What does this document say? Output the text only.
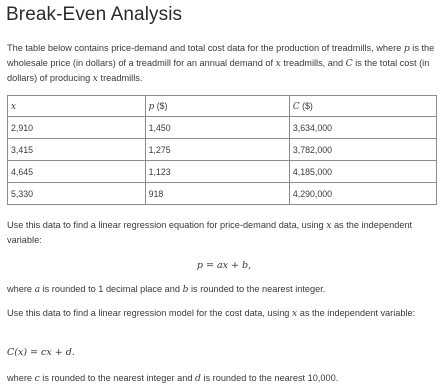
Break-Even Analysis
The table below contains price-demand and total cost data for the production of treadmills, where p is the wholesale price (in dollars) of a treadmill for an annual demand of x treadmills, and C is the total cost (in dollars) of producing x treadmills.
x	p ($)	C ($)
2,910	1,450	3,634,000
3,415	1,275	3,782,000
4,645	1,123	4,185,000
5,330	918	4,290,000
Use this data to find a linear regression equation for price-demand data, using x as the independent variable:
p = ax + b,
where a is rounded to 1 decimal place and b is rounded to the nearest integer.
Use this data to find a linear regression model for the cost data, using x as the independent variable:
C(x) = cx + d.
where c is rounded to the nearest integer and d is rounded to the nearest 10,000.
